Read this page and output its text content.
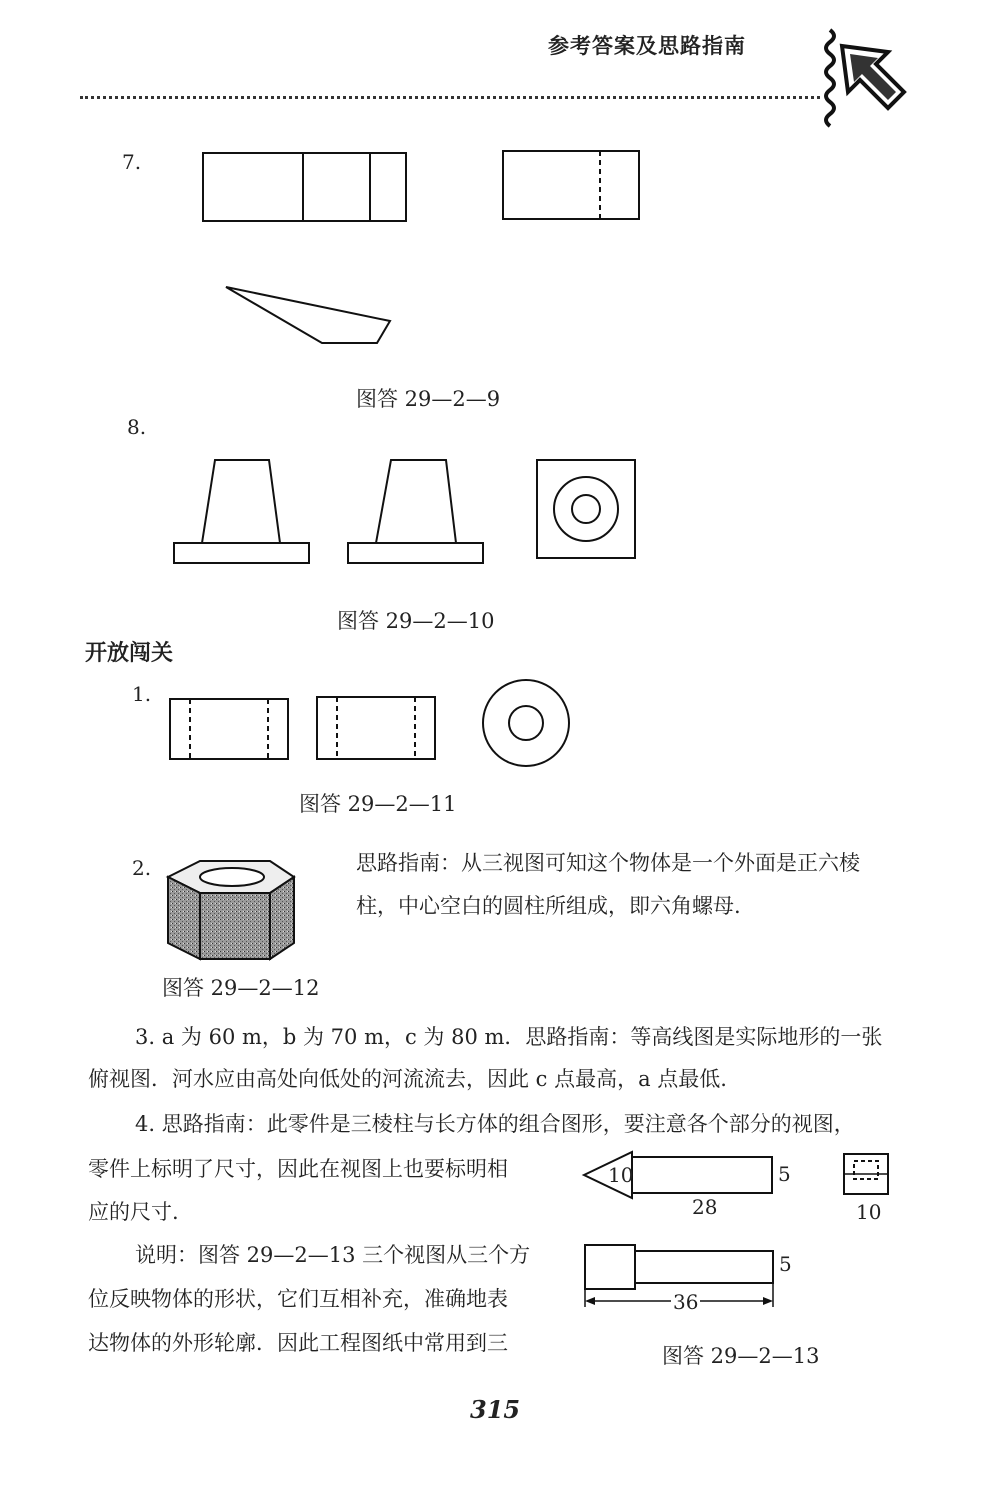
参考答案及思路指南
7.
图答 29—2—9
8.
图答 29—2—10
开放闯关
1.
图答 29—2—11
2.	思路指南：从三视图可知这个物体是一个外面是正六棱
柱，中心空白的圆柱所组成，即六角螺母.
图答 29—2—12
3. a 为 60 m，b 为 70 m，c 为 80 m．思路指南：等高线图是实际地形的一张
俯视图．河水应由高处向低处的河流流去，因此 c 点最高，a 点最低.
4. 思路指南：此零件是三棱柱与长方体的组合图形，要注意各个部分的视图，
零件上标明了尺寸，因此在视图上也要标明相
应的尺寸.
说明：图答 29—2—13 三个视图从三个方
位反映物体的形状，它们互相补充，准确地表
达物体的外形轮廓．因此工程图纸中常用到三
10	5
28	10
5
36
图答 29—2—13
315
